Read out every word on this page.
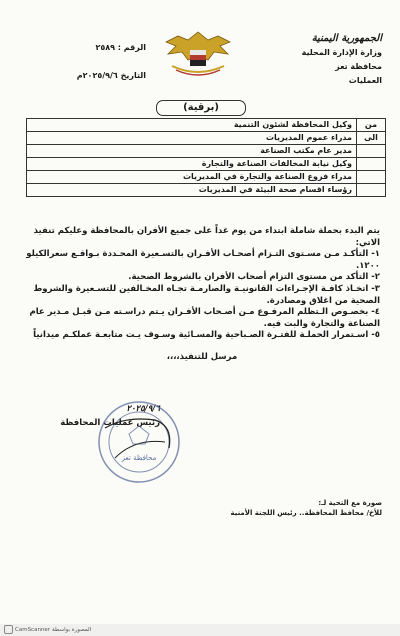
الجمهورية اليمنية
وزارة الإدارة المحلية
محافظة تعز
العمليات
الرقم : ٢٥٨٩
التاريخ ٢٠٢٥/٩/٦م
(برقية)
من
وكيل المحافظة لشئون التنمية
الى
مدراء عموم المديريات
مدير عام مكتب الصناعة
وكيل نيابة المخالفات الصناعة والتجارة
مدراء فروع الصناعة والتجارة في المديريات
رؤساء اقسام صحة البيئة في المديريات

يتم البدء بحملة شاملة ابتداء من يوم غداً على جميع الأفران بالمحافظة وعليكم تنفيذ الاتي:

١- التأكـد مـن مسـتوى التـزام أصحـاب الأفـران بالتسـعيرة المحـددة بـواقـع سعرالكيلو ١٢٠٠.

٢- التأكد من مستوى التزام أصحاب الأفران بالشروط الصحية.

٣- اتخـاذ كافـة الإجـراءات القانونيـة والصارمـة تجـاه المخـالفين للتسـعيرة والشروط الصحية من اغلاق ومصادرة.

٤- بخصـوص الـتظلم المرفـوع مـن أصـحاب الأفـران يـتم دراسـته مـن قبـل مـدير عام الصناعة والتجارة والبت فيه.

٥- اسـتمرار الحملـة للفتـرة الصـباحية والمسـائية وسـوف يـت متابعـة عملكـم ميدانياً

مرسل للتنفيذ،،،،

٢٠٢٥/٩/٦
رئيس عمليات المحافظة
محافظة تعز
صورة مع التحية لـ:
للأخ/ محافظ المحافظة.. رئيس اللجنة الأمنية
CamScanner المصورة بواسطة
